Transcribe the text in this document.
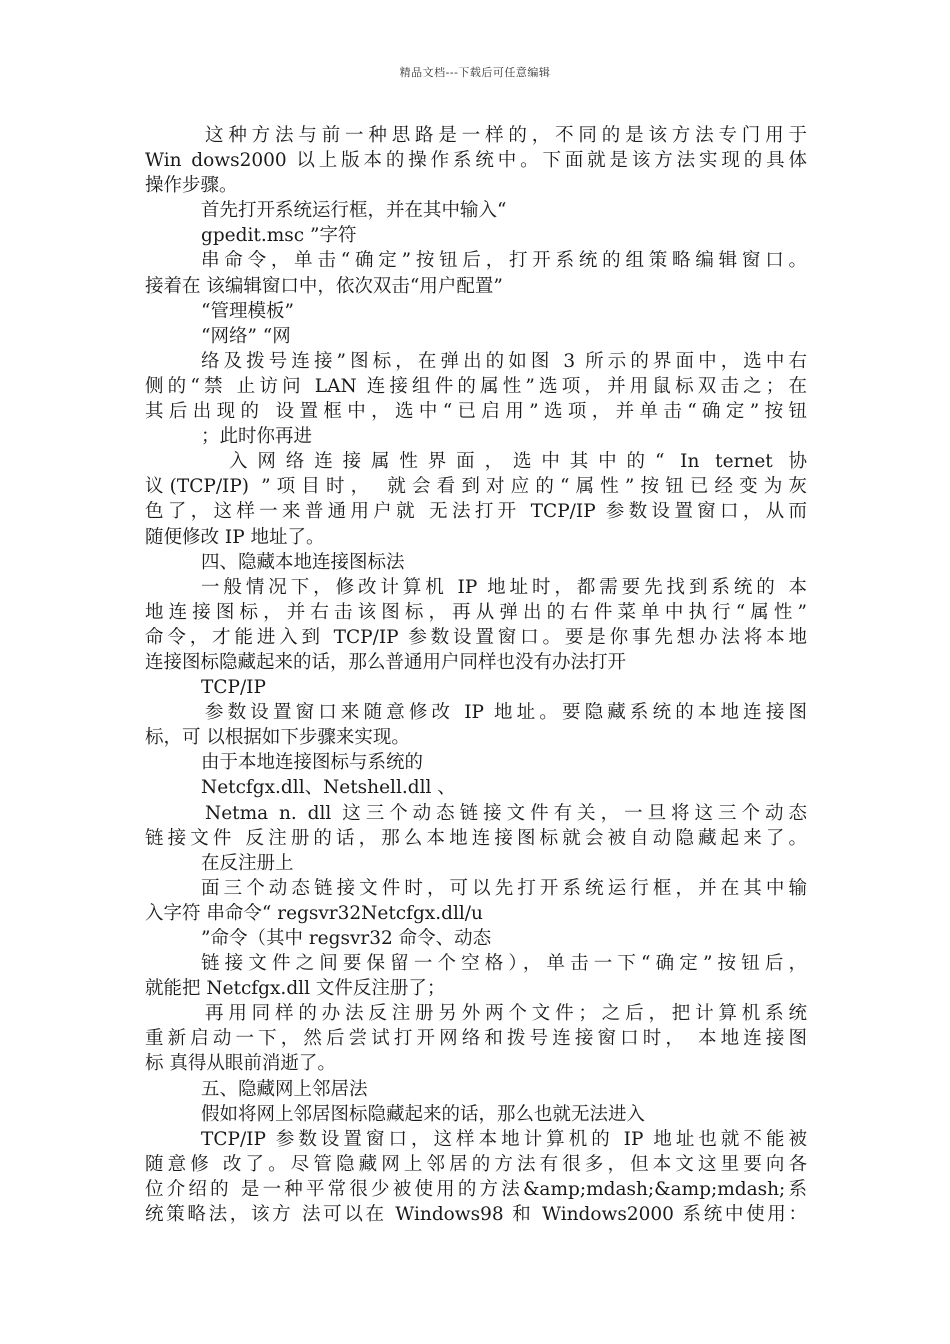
精品文档---下载后可任意编辑
这种方法与前一种思路是一样的，不同的是该方法专门用于
Win dows2000 以上版本的操作系统中。下面就是该方法实现的具体
操作步骤。
首先打开系统运行框，并在其中输入“
gpedit.msc ”字符
串命令，单击“确定”按钮后，打开系统的组策略编辑窗口。
接着在 该编辑窗口中，依次双击“用户配置”
“管理模板”
“网络” “网
络及拨号连接”图标，在弹出的如图 3 所示的界面中，选中右
侧的“禁 止访问 LAN 连接组件的属性”选项，并用鼠标双击之；在
其后出现的 设置框中，选中“已启用”选项，并单击“确定”按钮
；此时你再进
入网络连接属性界面，选中其中的“ In ternet 协
议(TCP/IP) ”项目时， 就会看到对应的“属性”按钮已经变为灰
色了，这样一来普通用户就 无法打开 TCP/IP 参数设置窗口，从而
随便修改 IP 地址了。
四、隐藏本地连接图标法
一般情况下，修改计算机 IP 地址时，都需要先找到系统的 本
地连接图标，并右击该图标，再从弹出的右件菜单中执行“属性”
命令，才能进入到 TCP/IP 参数设置窗口。要是你事先想办法将本地
连接图标隐藏起来的话，那么普通用户同样也没有办法打开
TCP/IP
参数设置窗口来随意修改 IP 地址。要隐藏系统的本地连接图
标，可 以根据如下步骤来实现。
由于本地连接图标与系统的
Netcfgx.dll、Netshell.dll 、
Netma n. dll 这三个动态链接文件有关，一旦将这三个动态
链接文件 反注册的话，那么本地连接图标就会被自动隐藏起来了。
在反注册上
面三个动态链接文件时，可以先打开系统运行框，并在其中输
入字符 串命令“ regsvr32Netcfgx.dll/u
”命令（其中 regsvr32 命令、动态
链接文件之间要保留一个空格），单击一下“确定”按钮后，
就能把 Netcfgx.dll 文件反注册了；
再用同样的办法反注册另外两个文件；之后，把计算机系统
重新启动一下，然后尝试打开网络和拨号连接窗口时， 本地连接图
标 真得从眼前消逝了。
五、隐藏网上邻居法
假如将网上邻居图标隐藏起来的话，那么也就无法进入
TCP/IP 参数设置窗口，这样本地计算机的 IP 地址也就不能被
随意修 改了。尽管隐藏网上邻居的方法有很多，但本文这里要向各
位介绍的 是一种平常很少被使用的方法&amp;mdash;&amp;mdash;系
统策略法，该方 法可以在 Windows98 和 Windows2000 系统中使用：
